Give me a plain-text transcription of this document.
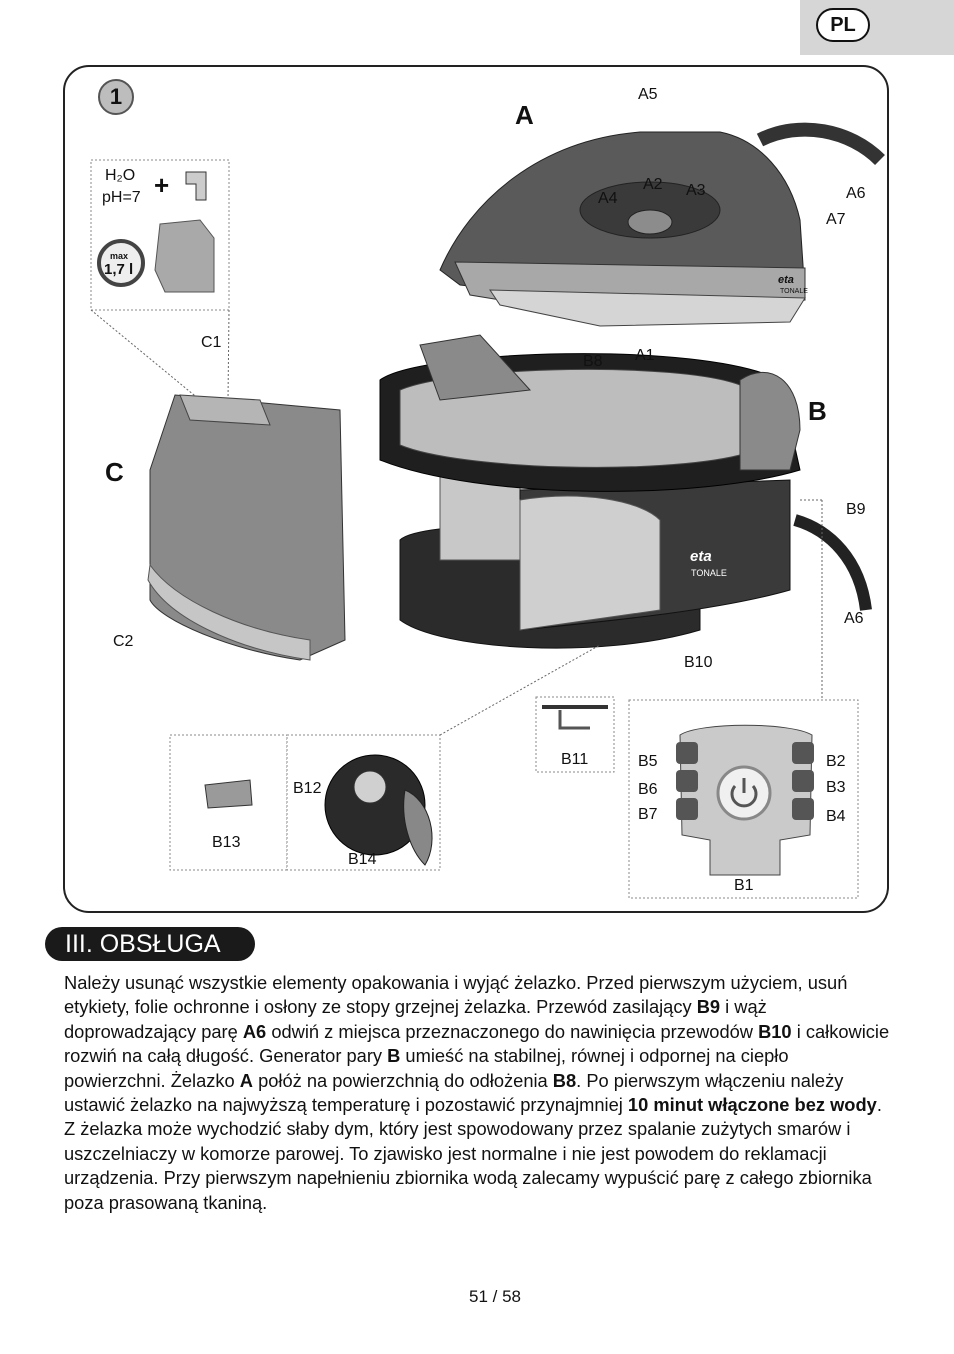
PL
1
H₂O
pH=7 +
max
1,7 l
eta
TONALE
eta
TONALE
A
B
C
A5
A2 A3
A4	A6
A7
A1
C1
B8
B9
A6
C2
B10
B11
B12
B13
B14
B5
B6
B7
B2
B3
B4
B1
III. OBSŁUGA

Należy usunąć wszystkie elementy opakowania i wyjąć żelazko. Przed pierwszym użyciem, usuń etykiety, folie ochronne i osłony ze stopy grzejnej żelazka. Przewód zasilający B9 i wąż doprowadzający parę A6 odwiń z miejsca przeznaczonego do nawinięcia przewodów B10 i całkowicie rozwiń na całą długość. Generator pary B umieść na stabilnej, równej i odpornej na ciepło powierzchni. Żelazko A połóż na powierzchnią do odłożenia B8. Po pierwszym włączeniu należy ustawić żelazko na najwyższą temperaturę i pozostawić przynajmniej 10 minut włączone bez wody.

Z żelazka może wychodzić słaby dym, który jest spowodowany przez spalanie zużytych smarów i uszczelniaczy w komorze parowej. To zjawisko jest normalne i nie jest powodem do reklamacji urządzenia. Przy pierwszym napełnieniu zbiornika wodą zalecamy wypuścić parę z całego zbiornika poza prasowaną tkaniną.

51 / 58
